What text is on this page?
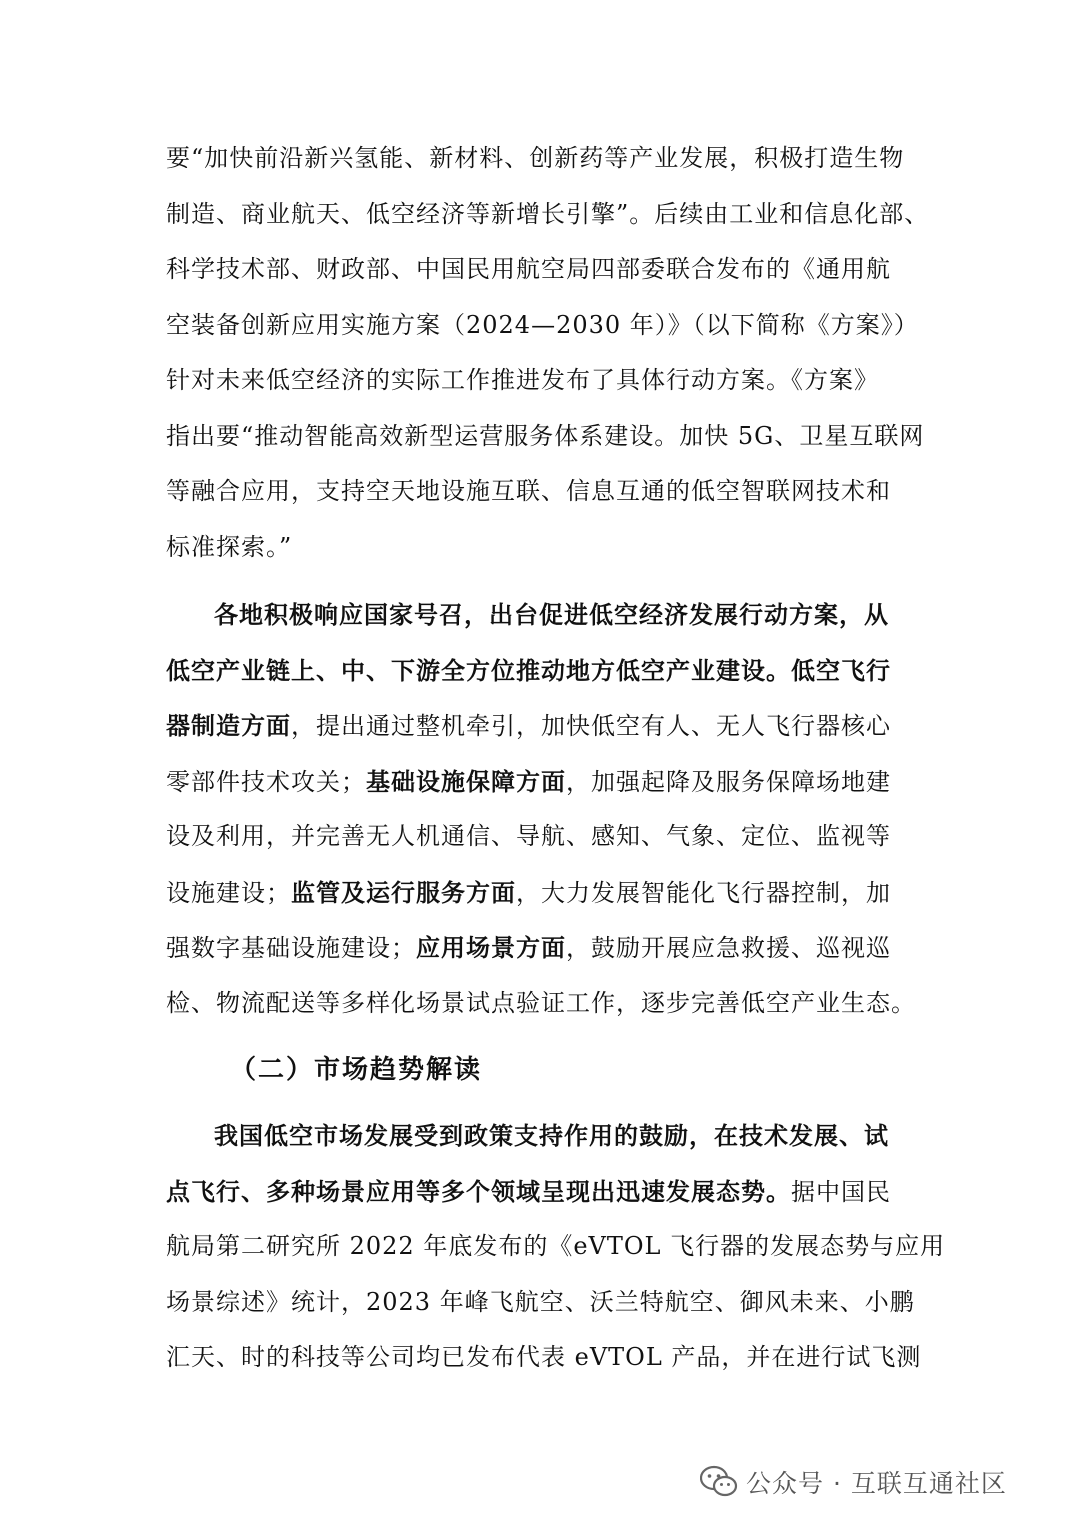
要“加快前沿新兴氢能、新材料、创新药等产业发展，积极打造生物
制造、商业航天、低空经济等新增长引擎”。后续由工业和信息化部、
科学技术部、财政部、中国民用航空局四部委联合发布的《通用航
空装备创新应用实施方案（2024—2030 年）》（以下简称《方案》）
针对未来低空经济的实际工作推进发布了具体行动方案。《方案》
指出要“推动智能高效新型运营服务体系建设。加快 5G、卫星互联网
等融合应用，支持空天地设施互联、信息互通的低空智联网技术和
标准探索。”

各地积极响应国家号召，出台促进低空经济发展行动方案，从
低空产业链上、中、下游全方位推动地方低空产业建设。低空飞行
器制造方面，提出通过整机牵引，加快低空有人、无人飞行器核心
零部件技术攻关；基础设施保障方面，加强起降及服务保障场地建
设及利用，并完善无人机通信、导航、感知、气象、定位、监视等
设施建设；监管及运行服务方面，大力发展智能化飞行器控制，加
强数字基础设施建设；应用场景方面，鼓励开展应急救援、巡视巡
检、物流配送等多样化场景试点验证工作，逐步完善低空产业生态。

（二）市场趋势解读

我国低空市场发展受到政策支持作用的鼓励，在技术发展、试
点飞行、多种场景应用等多个领域呈现出迅速发展态势。据中国民
航局第二研究所 2022 年底发布的《eVTOL 飞行器的发展态势与应用
场景综述》统计，2023 年峰飞航空、沃兰特航空、御风未来、小鹏
汇天、时的科技等公司均已发布代表 eVTOL 产品，并在进行试飞测

公众号 · 互联互通社区
